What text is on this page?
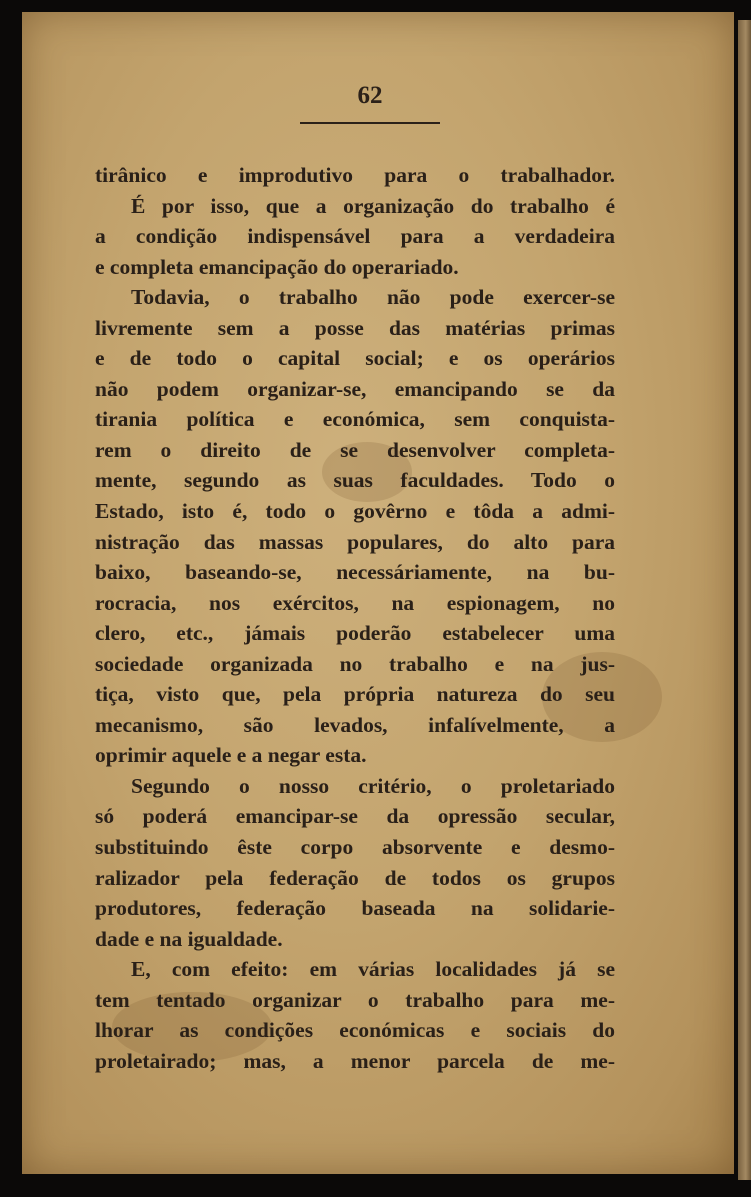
62
tirânico e improdutivo para o trabalhador.
É por isso, que a organização do trabalho é
a condição indispensável para a verdadeira
e completa emancipação do operariado.
Todavia, o trabalho não pode exercer-se
livremente sem a posse das matérias primas
e de todo o capital social; e os operários
não podem organizar-se, emancipando se da
tirania política e económica, sem conquista-
rem o direito de se desenvolver completa-
mente, segundo as suas faculdades. Todo o
Estado, isto é, todo o govêrno e tôda a admi-
nistração das massas populares, do alto para
baixo, baseando-se, necessáriamente, na bu-
rocracia, nos exércitos, na espionagem, no
clero, etc., jámais poderão estabelecer uma
sociedade organizada no trabalho e na jus-
tiça, visto que, pela própria natureza do seu
mecanismo, são levados, infalívelmente, a
oprimir aquele e a negar esta.
Segundo o nosso critério, o proletariado
só poderá emancipar-se da opressão secular,
substituindo êste corpo absorvente e desmo-
ralizador pela federação de todos os grupos
produtores, federação baseada na solidarie-
dade e na igualdade.
E, com efeito: em várias localidades já se
tem tentado organizar o trabalho para me-
lhorar as condições económicas e sociais do
proletairado; mas, a menor parcela de me-
